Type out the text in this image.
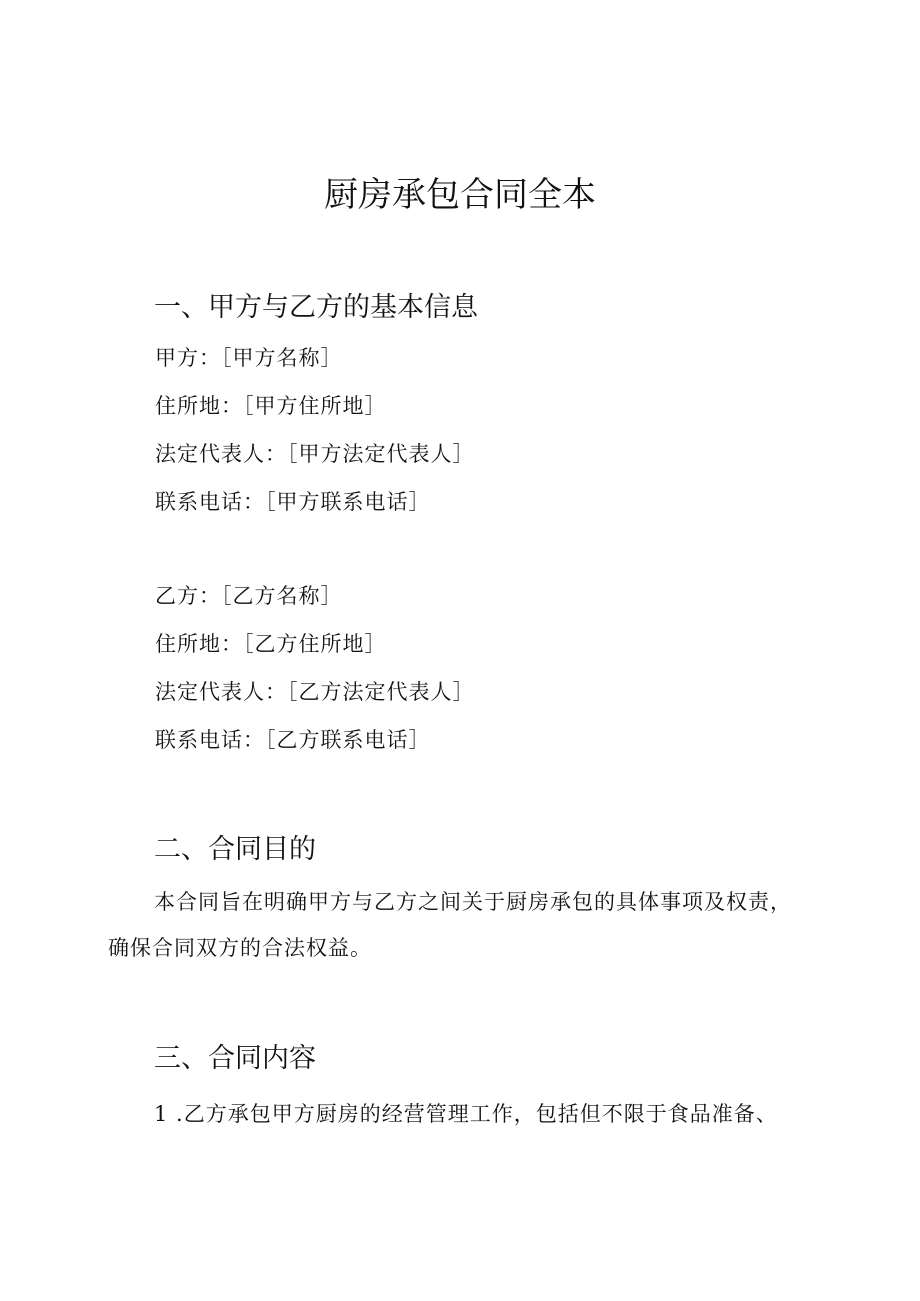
厨房承包合同全本
一、甲方与乙方的基本信息

甲方：［甲方名称］

住所地：［甲方住所地］

法定代表人：［甲方法定代表人］

联系电话：［甲方联系电话］

乙方：［乙方名称］

住所地：［乙方住所地］

法定代表人：［乙方法定代表人］

联系电话：［乙方联系电话］

二、合同目的

本合同旨在明确甲方与乙方之间关于厨房承包的具体事项及权责，确保合同双方的合法权益。

三、合同内容

1 .乙方承包甲方厨房的经营管理工作，包括但不限于食品准备、
